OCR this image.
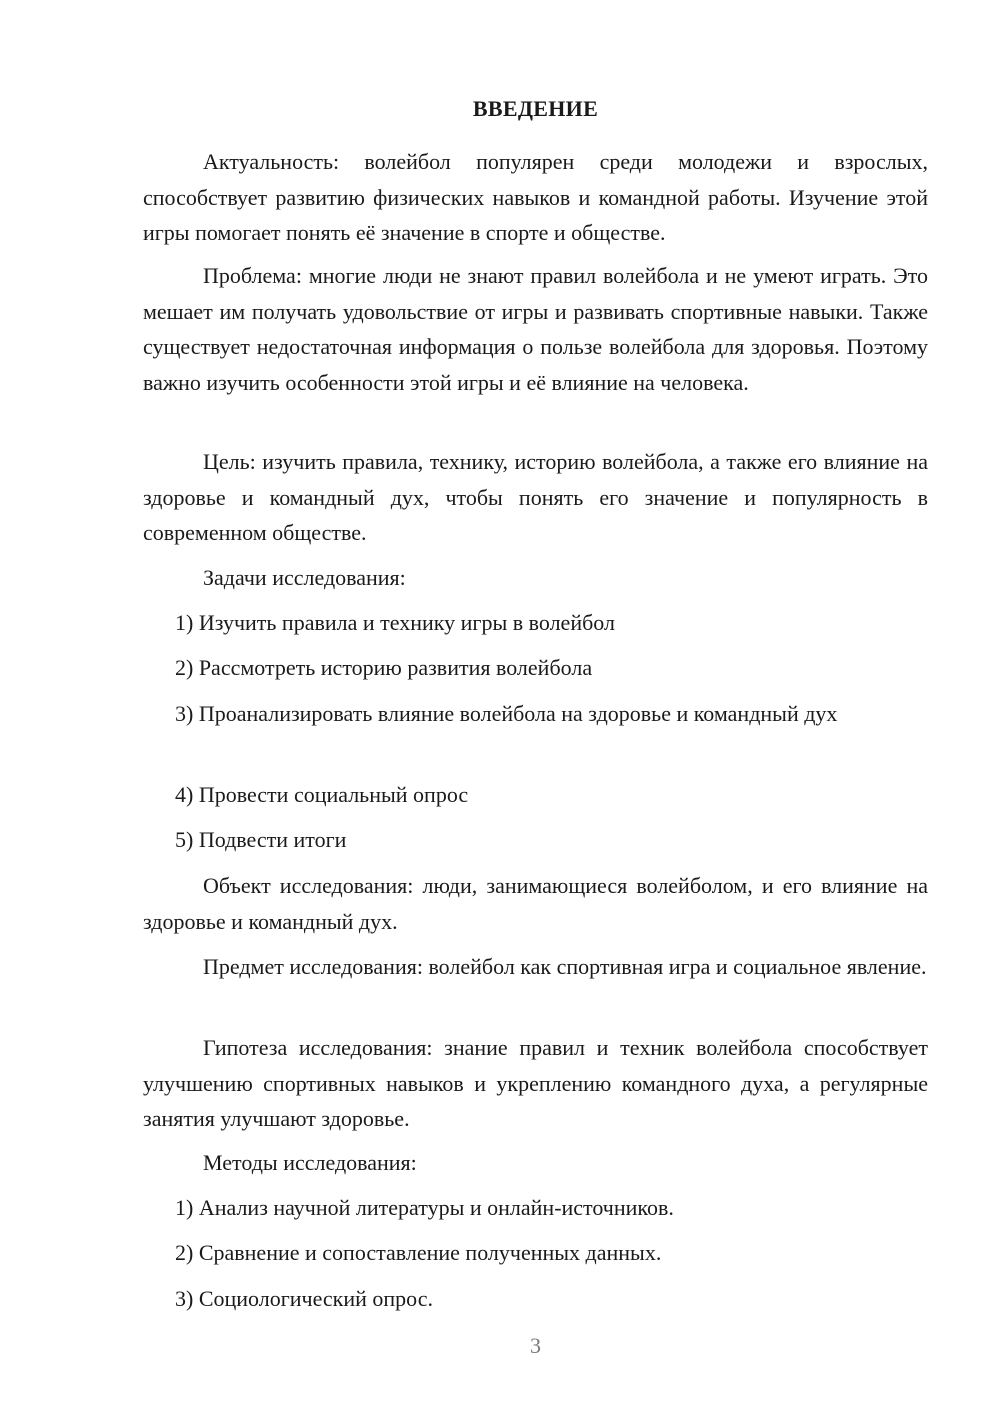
ВВЕДЕНИЕ

Актуальность: волейбол популярен среди молодежи и взрослых, способствует развитию физических навыков и командной работы. Изучение этой игры помогает понять её значение в спорте и обществе.

Проблема: многие люди не знают правил волейбола и не умеют играть. Это мешает им получать удовольствие от игры и развивать спортивные навыки. Также существует недостаточная информация о пользе волейбола для здоровья. Поэтому важно изучить особенности этой игры и её влияние на человека.

Цель: изучить правила, технику, историю волейбола, а также его влияние на здоровье и командный дух, чтобы понять его значение и популярность в современном обществе.

Задачи исследования:

1) Изучить правила и технику игры в волейбол
2) Рассмотреть историю развития волейбола
3) Проанализировать влияние волейбола на здоровье и командный дух
4) Провести социальный опрос
5) Подвести итоги

Объект исследования: люди, занимающиеся волейболом, и его влияние на здоровье и командный дух.

Предмет исследования: волейбол как спортивная игра и социальное явление.

Гипотеза исследования: знание правил и техник волейбола способствует улучшению спортивных навыков и укреплению командного духа, а регулярные занятия улучшают здоровье.

Методы исследования:

1) Анализ научной литературы и онлайн-источников.
2) Сравнение и сопоставление полученных данных.
3) Социологический опрос.
3
